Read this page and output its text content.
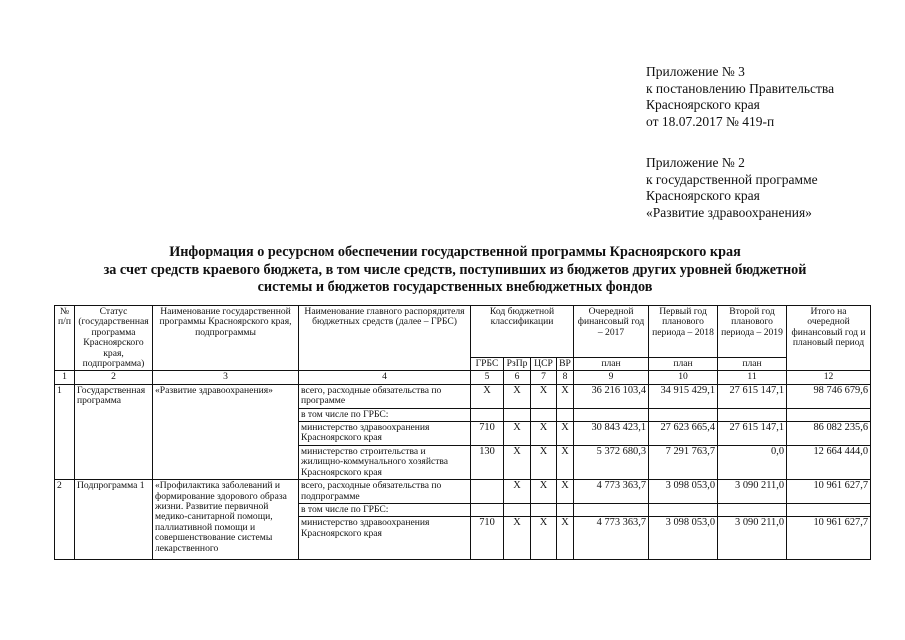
Приложение № 3
к постановлению Правительства
Красноярского края
от 18.07.2017 № 419-п
Приложение № 2
к государственной программе
Красноярского края
«Развитие здравоохранения»
Информация о ресурсном обеспечении государственной программы Красноярского края
за счет средств краевого бюджета, в том числе средств, поступивших из бюджетов других уровней бюджетной
системы и бюджетов государственных внебюджетных фондов
№ п/п	Статус (государственная программа Красноярского края, подпрограмма)	Наименование государственной программы Красноярского края, подпрограммы	Наименование главного распорядителя бюджетных средств (далее – ГРБС)	Код бюджетной классификации				Очередной финансовый год – 2017	Первый год планового периода – 2018	Второй год планового периода – 2019	Итого на очередной финансовый год и плановый период
				ГРБС	РзПр	ЦСР	ВР	план	план	план	
1	2	3	4	5	6	7	8	9	10	11	12
1	Государственная программа	«Развитие здравоохранения»	всего, расходные обязательства по программе	X	X	X	X	36 216 103,4	34 915 429,1	27 615 147,1	98 746 679,6
			в том числе по ГРБС:								
			министерство здравоохранения Красноярского края	710	X	X	X	30 843 423,1	27 623 665,4	27 615 147,1	86 082 235,6
			министерство строительства и жилищно-коммунального хозяйства Красноярского края	130	X	X	X	5 372 680,3	7 291 763,7	0,0	12 664 444,0
2	Подпрограмма 1	«Профилактика заболеваний и формирование здорового образа жизни. Развитие первичной медико-санитарной помощи, паллиативной помощи и совершенствование системы лекарственного	всего, расходные обязательства по подпрограмме		X	X	X	4 773 363,7	3 098 053,0	3 090 211,0	10 961 627,7
			в том числе по ГРБС:								
			министерство здравоохранения Красноярского края	710	X	X	X	4 773 363,7	3 098 053,0	3 090 211,0	10 961 627,7
